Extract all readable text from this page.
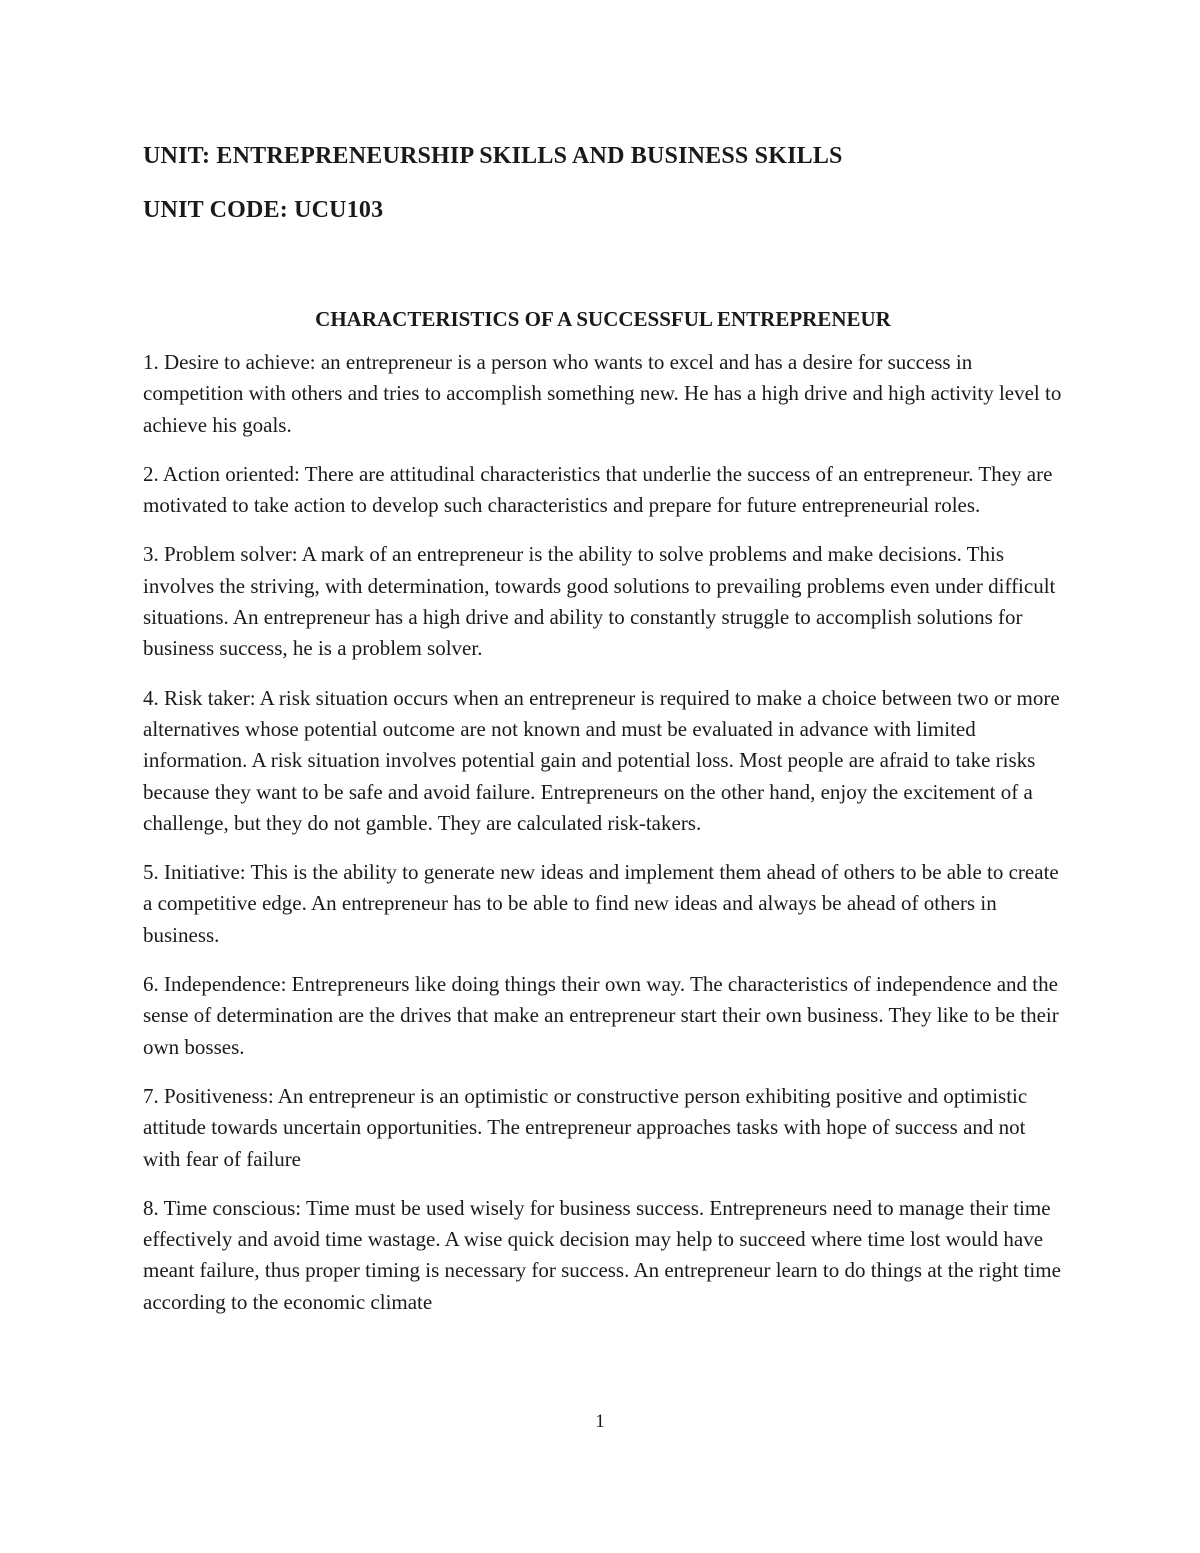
UNIT: ENTREPRENEURSHIP SKILLS AND BUSINESS SKILLS

UNIT CODE: UCU103

CHARACTERISTICS OF A SUCCESSFUL ENTREPRENEUR

1. Desire to achieve: an entrepreneur is a person who wants to excel and has a desire for success in competition with others and tries to accomplish something new. He has a high drive and high activity level to achieve his goals.

2. Action oriented: There are attitudinal characteristics that underlie the success of an entrepreneur. They are motivated to take action to develop such characteristics and prepare for future entrepreneurial roles.

3. Problem solver: A mark of an entrepreneur is the ability to solve problems and make decisions. This involves the striving, with determination, towards good solutions to prevailing problems even under difficult situations. An entrepreneur has a high drive and ability to constantly struggle to accomplish solutions for business success, he is a problem solver.

4. Risk taker: A risk situation occurs when an entrepreneur is required to make a choice between two or more alternatives whose potential outcome are not known and must be evaluated in advance with limited information. A risk situation involves potential gain and potential loss. Most people are afraid to take risks because they want to be safe and avoid failure. Entrepreneurs on the other hand, enjoy the excitement of a challenge, but they do not gamble. They are calculated risk-takers.

5. Initiative: This is the ability to generate new ideas and implement them ahead of others to be able to create a competitive edge. An entrepreneur has to be able to find new ideas and always be ahead of others in business.

6. Independence: Entrepreneurs like doing things their own way. The characteristics of independence and the sense of determination are the drives that make an entrepreneur start their own business. They like to be their own bosses.

7. Positiveness: An entrepreneur is an optimistic or constructive person exhibiting positive and optimistic attitude towards uncertain opportunities. The entrepreneur approaches tasks with hope of success and not with fear of failure

8. Time conscious: Time must be used wisely for business success. Entrepreneurs need to manage their time effectively and avoid time wastage. A wise quick decision may help to succeed where time lost would have meant failure, thus proper timing is necessary for success. An entrepreneur learn to do things at the right time according to the economic climate

1
